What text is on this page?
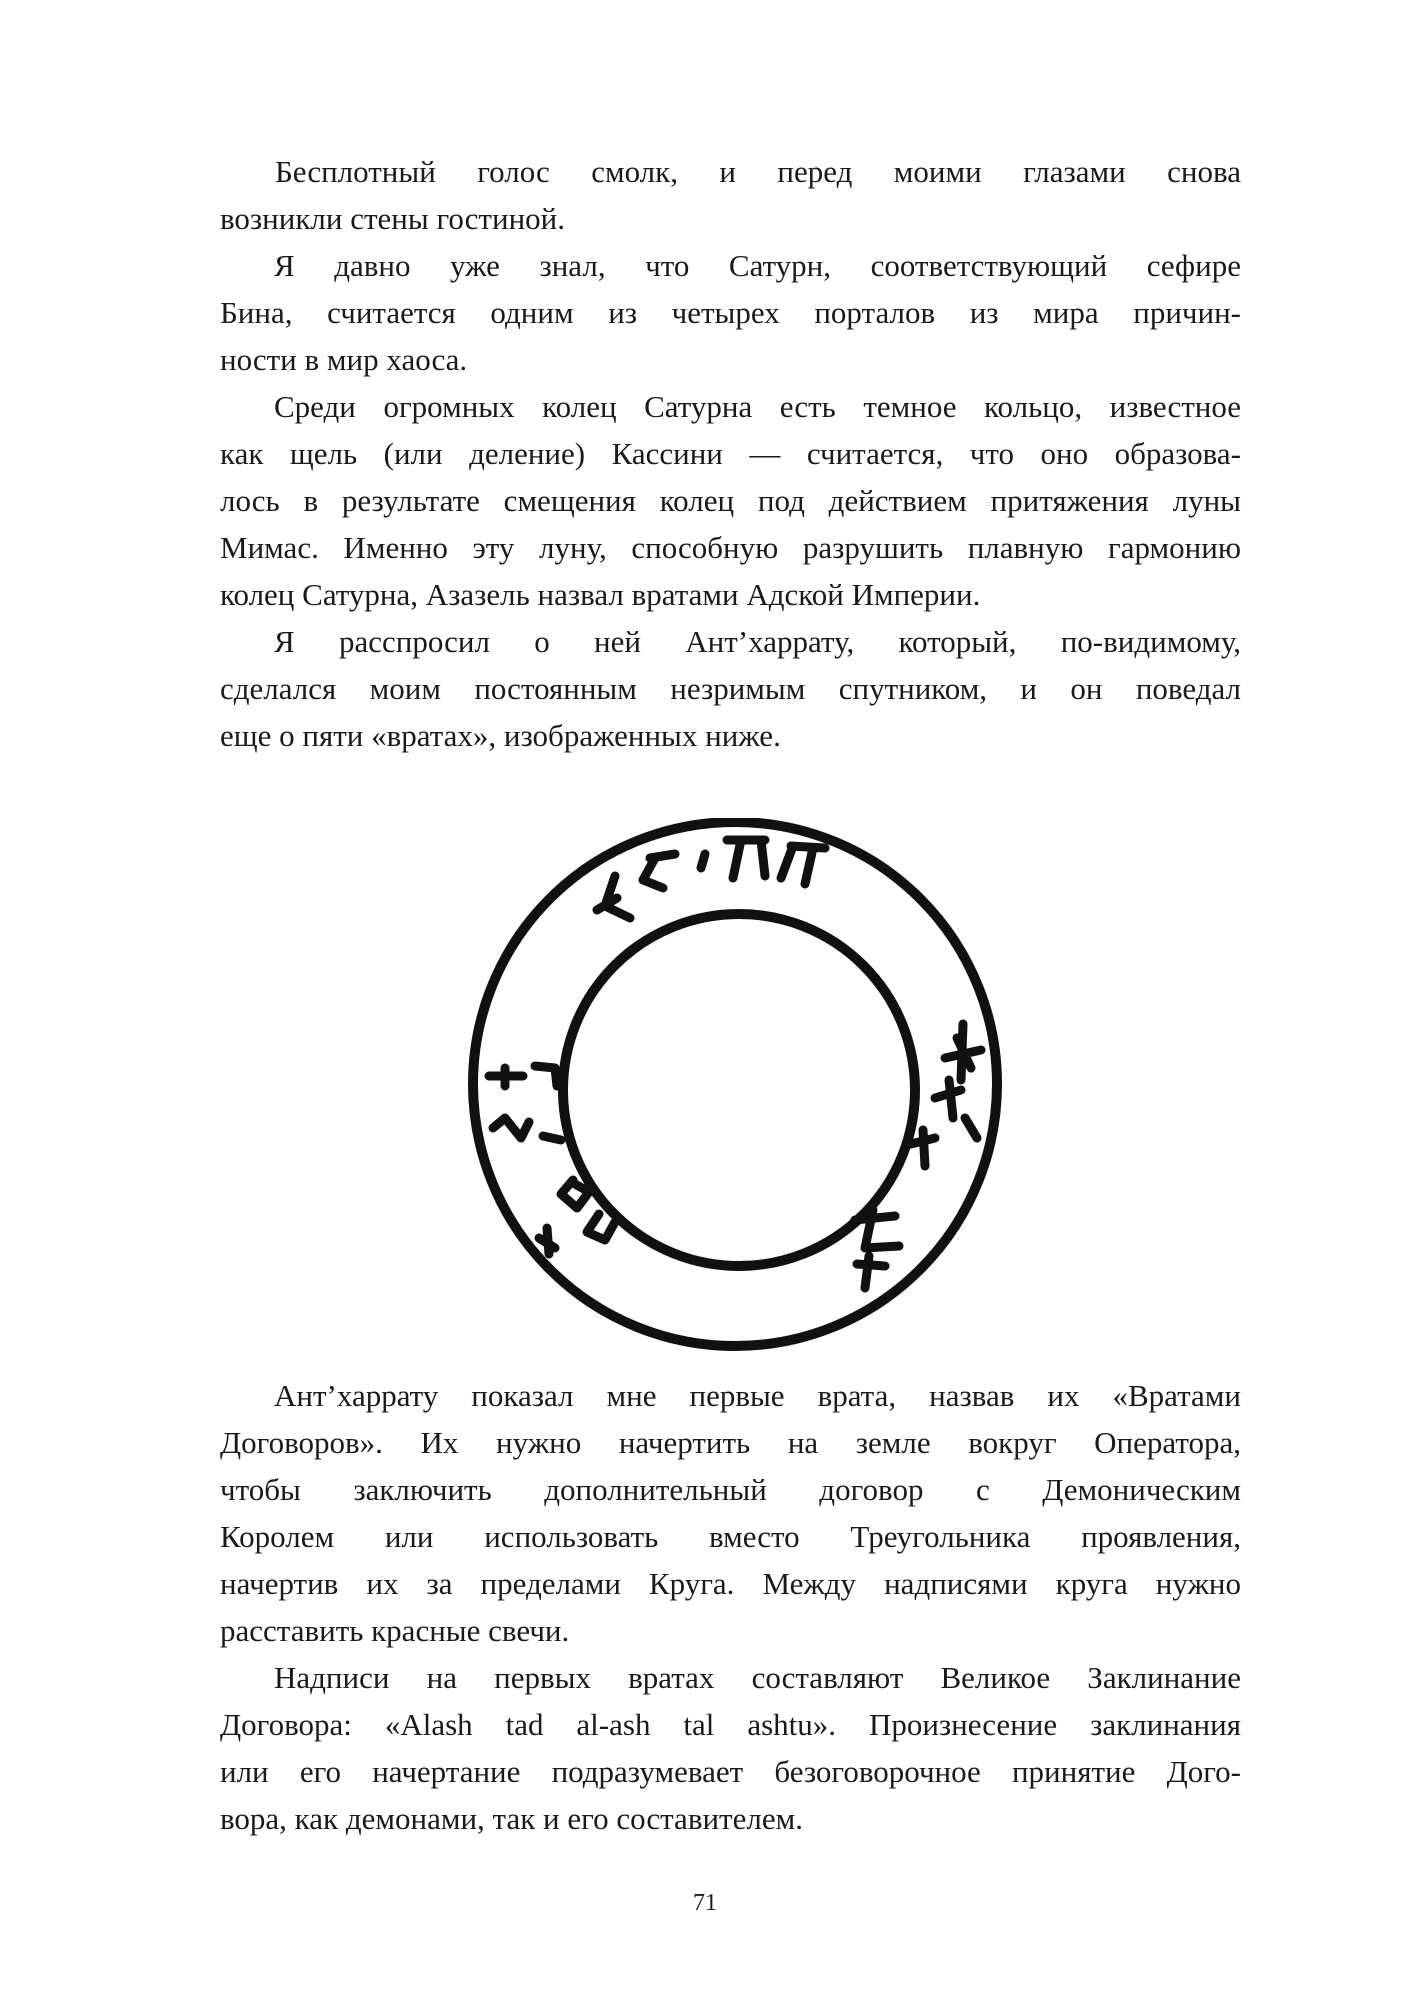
Бесплотный голос смолк, и перед моими глазами снова
возникли стены гостиной.
Я давно уже знал, что Сатурн, соответствующий сефире
Бина, считается одним из четырех порталов из мира причин-
ности в мир хаоса.
Среди огромных колец Сатурна есть темное кольцо, известное
как щель (или деление) Кассини — считается, что оно образова-
лось в результате смещения колец под действием притяжения луны
Мимас. Именно эту луну, способную разрушить плавную гармонию
колец Сатурна, Азазель назвал вратами Адской Империи.
Я расспросил о ней Ант’харрату, который, по-видимому,
сделался моим постоянным незримым спутником, и он поведал
еще о пяти «вратах», изображенных ниже.
Ант’харрату показал мне первые врата, назвав их «Вратами
Договоров». Их нужно начертить на земле вокруг Оператора,
чтобы заключить дополнительный договор с Демоническим
Королем или использовать вместо Треугольника проявления,
начертив их за пределами Круга. Между надписями круга нужно
расставить красные свечи.
Надписи на первых вратах составляют Великое Заклинание
Договора: «Alash tad al-ash tal ashtu». Произнесение заклинания
или его начертание подразумевает безоговорочное принятие Дого-
вора, как демонами, так и его составителем.
71
